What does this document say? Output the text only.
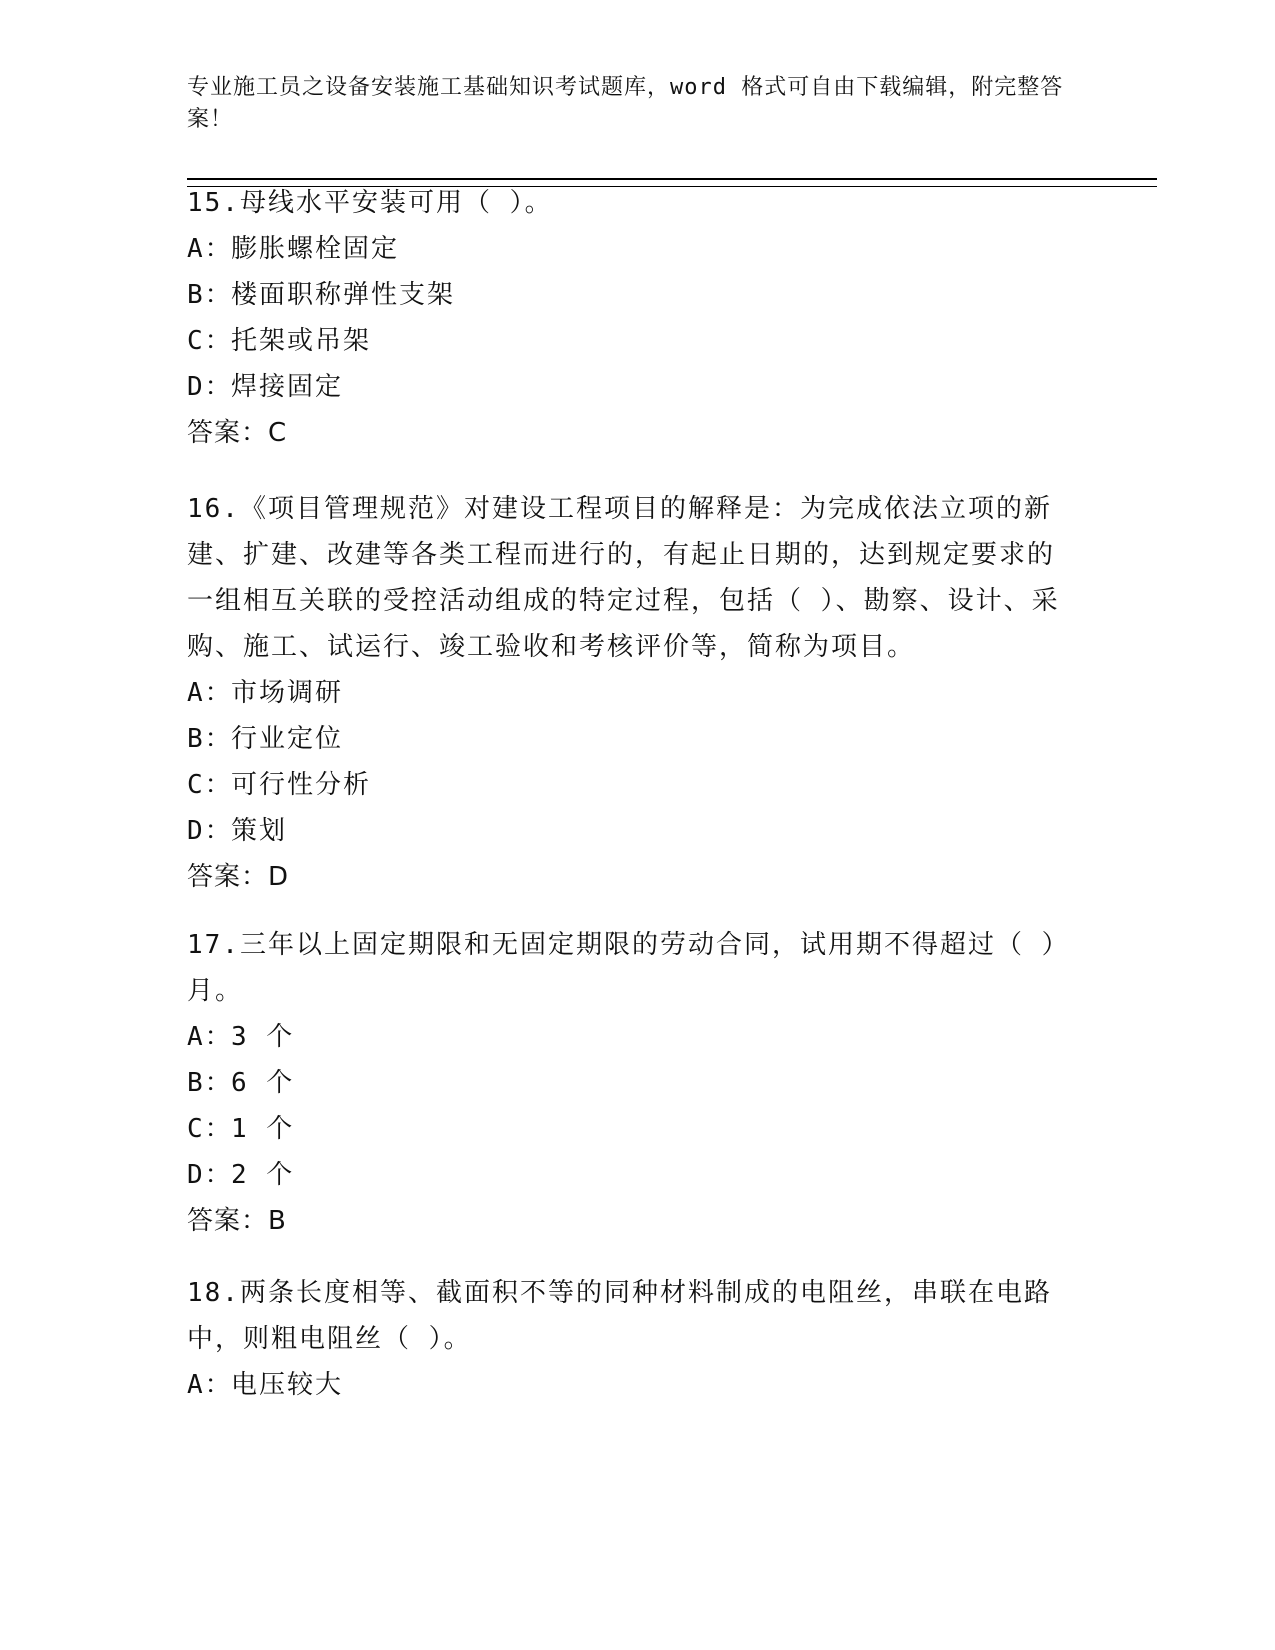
专业施工员之设备安装施工基础知识考试题库，word 格式可自由下载编辑，附完整答案！

15.母线水平安装可用（ ）。

A：膨胀螺栓固定

B：楼面职称弹性支架

C：托架或吊架

D：焊接固定

答案：C

16.《项目管理规范》对建设工程项目的解释是：为完成依法立项的新建、扩建、改建等各类工程而进行的，有起止日期的，达到规定要求的一组相互关联的受控活动组成的特定过程，包括（ ）、勘察、设计、采购、施工、试运行、竣工验收和考核评价等，简称为项目。

A：市场调研

B：行业定位

C：可行性分析

D：策划

答案：D

17.三年以上固定期限和无固定期限的劳动合同，试用期不得超过（ ）月。

A：3 个

B：6 个

C：1 个

D：2 个

答案：B

18.两条长度相等、截面积不等的同种材料制成的电阻丝，串联在电路中，则粗电阻丝（ ）。

A：电压较大
